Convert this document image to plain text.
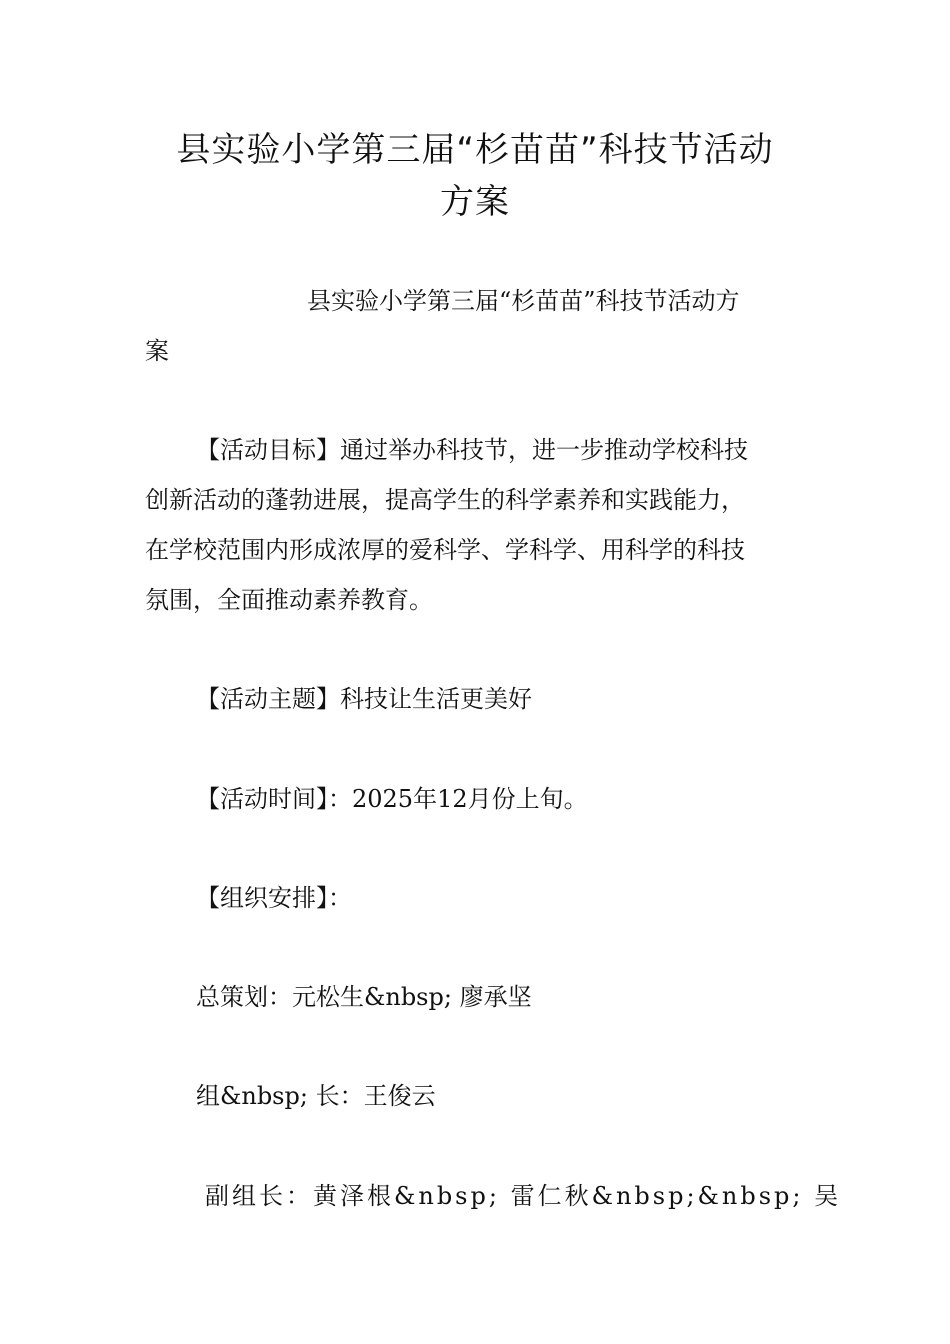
县实验小学第三届“杉苗苗”科技节活动
方案
县实验小学第三届“杉苗苗”科技节活动方
案
【活动目标】通过举办科技节，进一步推动学校科技
创新活动的蓬勃进展，提高学生的科学素养和实践能力，
在学校范围内形成浓厚的爱科学、学科学、用科学的科技
氛围，全面推动素养教育。
【活动主题】科技让生活更美好
【活动时间】：2025年12月份上旬。
【组织安排】：
总策划：元松生&nbsp; 廖承坚
组&nbsp; 长：王俊云
副组长：黄泽根&nbsp; 雷仁秋&nbsp;&nbsp; 吴
